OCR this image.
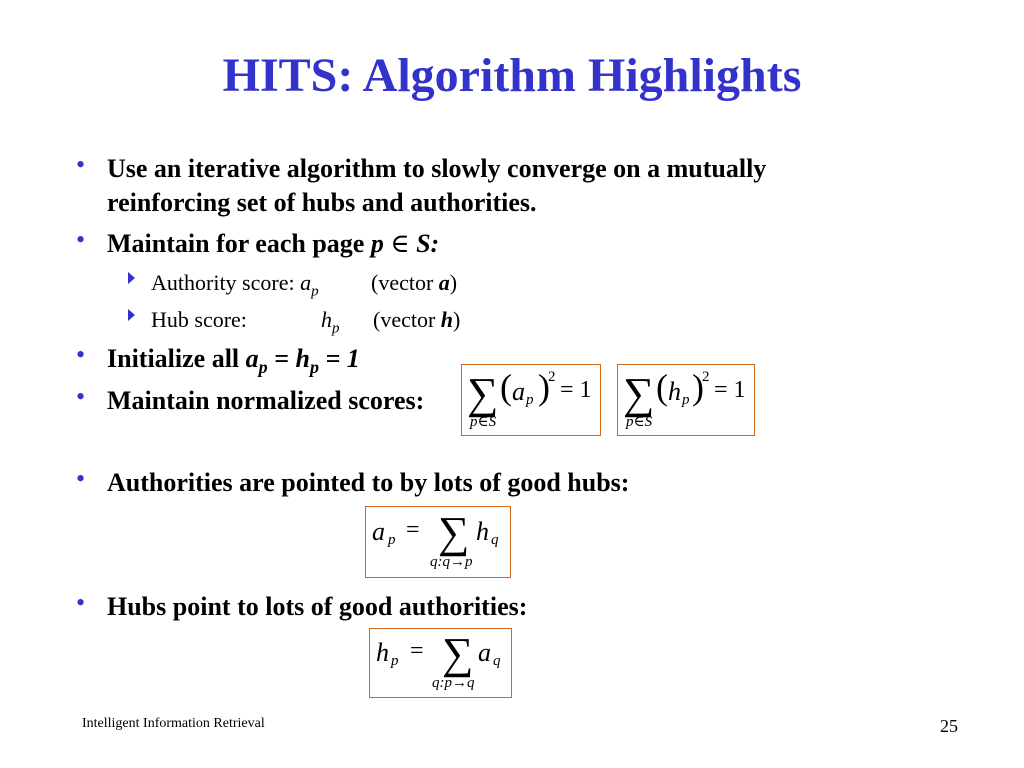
HITS: Algorithm Highlights
• Use an iterative algorithm to slowly converge on a mutually
reinforcing set of hubs and authorities.
• Maintain for each page p ∈ S:
Authority score: $a_p$ (vector a)
Hub score:	$h_p$ (vector h)
• Initialize all $a_p = h_p = 1$
• Maintain normalized scores: ∑ ( a p )
2 = 1
p∈S
∑ ( h p )
2 = 1
p∈S
• Authorities are pointed to by lots of good hubs:
a p = ∑ h q
q:q→p
• Hubs point to lots of good authorities:
h p = ∑ a q
q:p→q
Intelligent Information Retrieval	25
